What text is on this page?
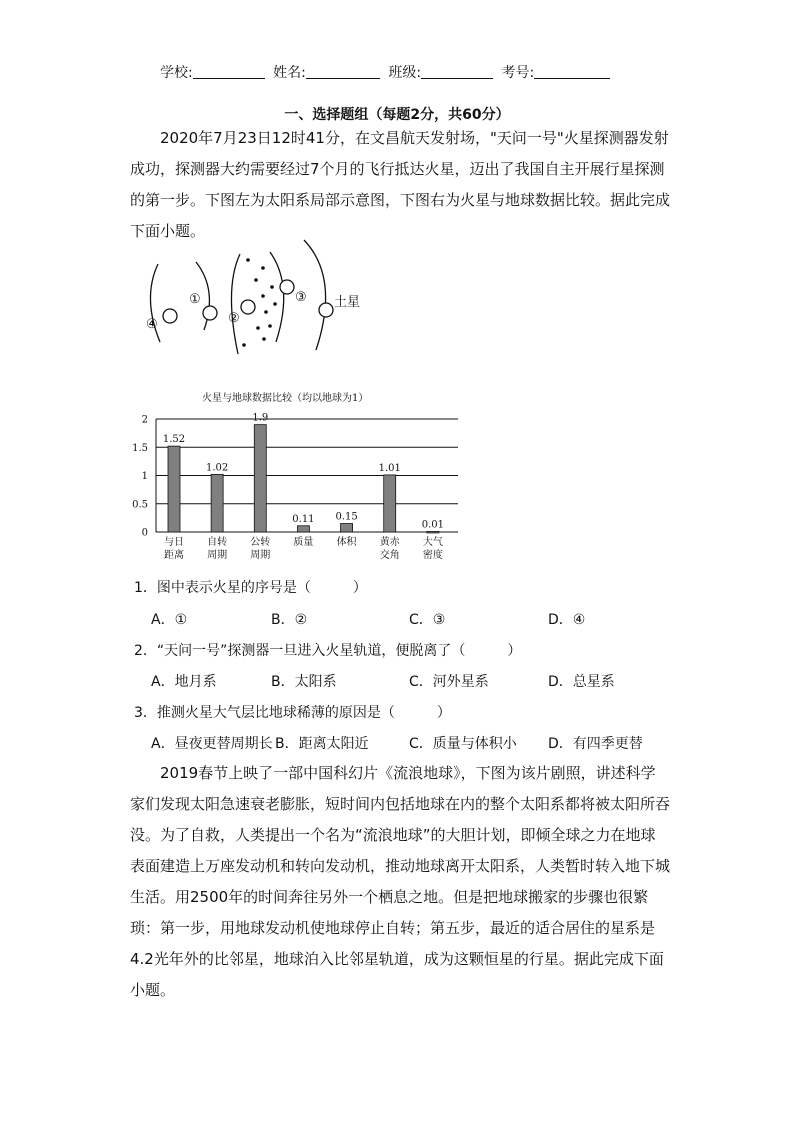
学校:	姓名:	班级:	考号:
一、选择题组（每题2分，共60分）

2020年7月23日12时41分，在文昌航天发射场，"天问一号"火星探测器发射成功，探测器大约需要经过7个月的飞行抵达火星，迈出了我国自主开展行星探测的第一步。下图左为太阳系局部示意图，下图右为火星与地球数据比较。据此完成下面小题。

④
①
②
③ 土星
火星与地球数据比较（均以地球为1）
0
0.5
1
1.5
2
1.52
与日
距离
1.02
自转
周期
1.9
公转
周期
0.11
质量
0.15
体积
1.01
黄赤
交角
0.01
大气
密度
1．图中表示火星的序号是（　　　）
A．①	B．②	C．③	D．④
2．“天问一号”探测器一旦进入火星轨道，便脱离了（　　　）
A．地月系	B．太阳系	C．河外星系	D．总星系
3．推测火星大气层比地球稀薄的原因是（　　　）
A．昼夜更替周期长 B．距离太阳近	C．质量与体积小 D．有四季更替

2019春节上映了一部中国科幻片《流浪地球》，下图为该片剧照，讲述科学家们发现太阳急速衰老膨胀，短时间内包括地球在内的整个太阳系都将被太阳所吞没。为了自救，人类提出一个名为“流浪地球”的大胆计划，即倾全球之力在地球表面建造上万座发动机和转向发动机，推动地球离开太阳系，人类暂时转入地下城生活。用2500年的时间奔往另外一个栖息之地。但是把地球搬家的步骤也很繁琐：第一步，用地球发动机使地球停止自转；第五步，最近的适合居住的星系是4.2光年外的比邻星，地球泊入比邻星轨道，成为这颗恒星的行星。据此完成下面小题。
